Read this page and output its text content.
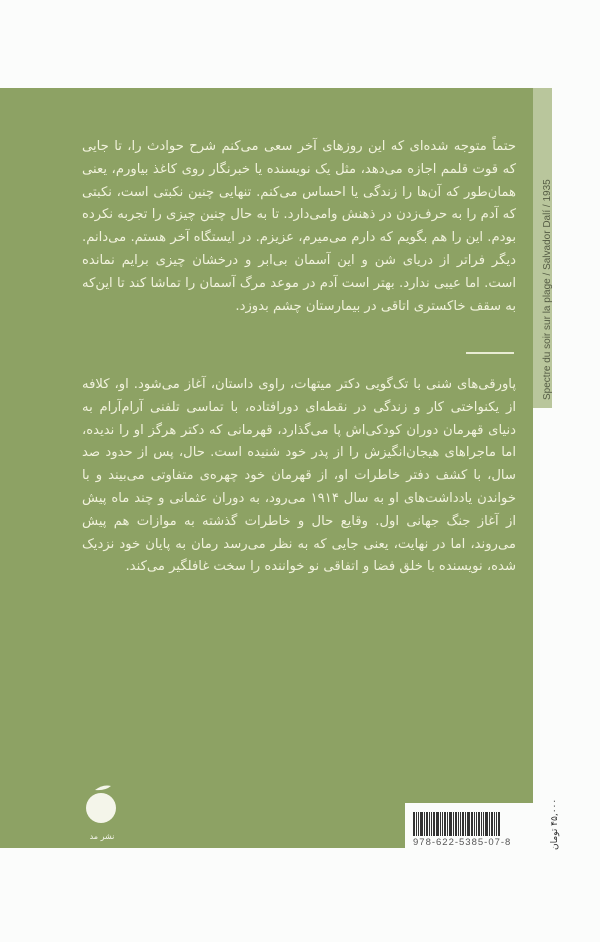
Spectre du soir sur la plage / Salvador Dalí / 1935
حتماً متوجه شده‌ای که این روزهای آخر سعی می‌کنم شرح حوادث را، تا جایی که قوت قلمم اجازه می‌دهد، مثل یک نویسنده یا خبرنگار روی کاغذ بیاورم، یعنی همان‌طور که آن‌ها را زندگی یا احساس می‌کنم. تنهایی چنین نکبتی است، نکبتی که آدم را به حرف‌زدن در ذهنش وامی‌دارد. تا به حال چنین چیزی را تجربه نکرده بودم. این را هم بگویم که دارم می‌میرم، عزیزم. در ایستگاه آخر هستم. می‌دانم. دیگر فراتر از دریای شن و این آسمان بی‌ابر و درخشان چیزی برایم نمانده است. اما عیبی ندارد. بهتر است آدم در موعد مرگ آسمان را تماشا کند تا این‌که به سقف خاکستری اتاقی در بیمارستان چشم بدوزد.
پاورقی‌های شنی با تک‌گویی دکتر میتهات، راوی داستان، آغاز می‌شود. او، کلافه از یکنواختی کار و زندگی در نقطه‌ای دورافتاده، با تماسی تلفنی آرام‌آرام به دنیای قهرمان دوران کودکی‌اش پا می‌گذارد، قهرمانی که دکتر هرگز او را ندیده، اما ماجراهای هیجان‌انگیزش را از پدر خود شنیده است. حال، پس از حدود صد سال، با کشف دفتر خاطرات او، از قهرمان خود چهره‌ی متفاوتی می‌بیند و با خواندن یادداشت‌های او به سال ۱۹۱۴ می‌رود، به دوران عثمانی و چند ماه پیش از آغاز جنگ جهانی اول. وقایع حال و خاطرات گذشته به موازات هم پیش می‌روند، اما در نهایت، یعنی جایی که به نظر می‌رسد رمان به پایان خود نزدیک شده، نویسنده با خلق فضا و اتفاقی نو خواننده را سخت غافلگیر می‌کند.
نشر مد
978-622-5385-07-8	۴۵,۰۰۰ تومان
